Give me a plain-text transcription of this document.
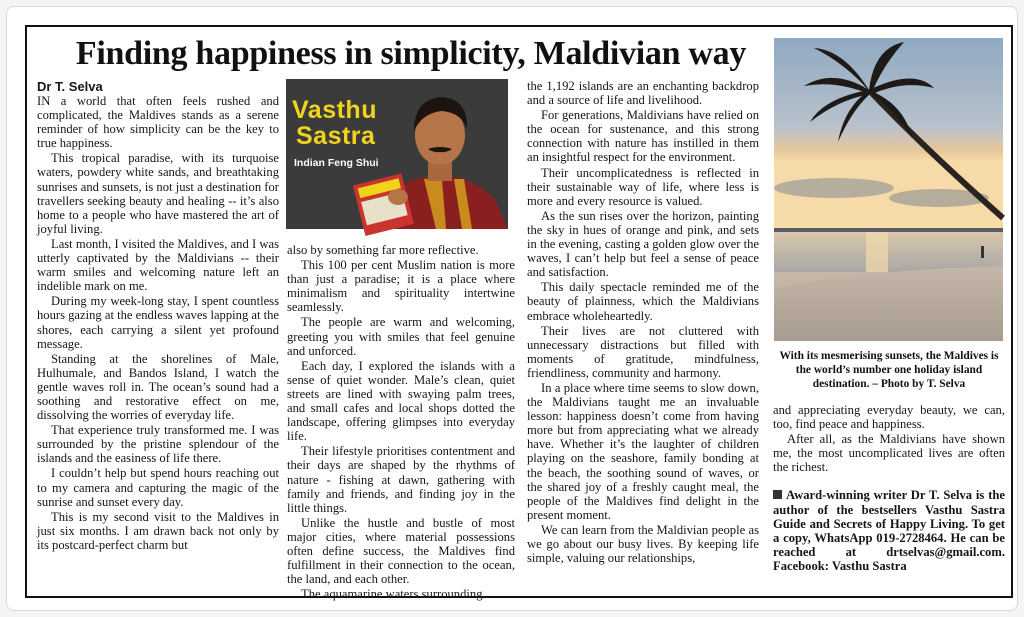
Finding happiness in simplicity, Maldivian way
Dr T. Selva

IN a world that often feels rushed and complicated, the Maldives stands as a serene reminder of how simplicity can be the key to true happiness.

This tropical paradise, with its turquoise waters, powdery white sands, and breathtaking sunrises and sunsets, is not just a destination for travellers seeking beauty and healing -- it’s also home to a people who have mastered the art of joyful living.

Last month, I visited the Maldives, and I was utterly captivated by the Maldivians -- their warm smiles and welcoming nature left an indelible mark on me.

During my week-long stay, I spent countless hours gazing at the endless waves lapping at the shores, each carrying a silent yet profound message.

Standing at the shorelines of Male, Hulhumale, and Bandos Island, I watch the gentle waves roll in. The ocean’s sound had a soothing and restorative effect on me, dissolving the worries of everyday life.

That experience truly transformed me. I was surrounded by the pristine splendour of the islands and the easiness of life there.

I couldn’t help but spend hours reaching out to my camera and capturing the magic of the sunrise and sunset every day.

This is my second visit to the Maldives in just six months. I am drawn back not only by its postcard-perfect charm but

Vasthu
Sastra
Indian Feng Shui

also by something far more reflective.

This 100 per cent Muslim nation is more than just a paradise; it is a place where minimalism and spirituality intertwine seamlessly.

The people are warm and welcoming, greeting you with smiles that feel genuine and unforced.

Each day, I explored the islands with a sense of quiet wonder. Male’s clean, quiet streets are lined with swaying palm trees, and small cafes and local shops dotted the landscape, offering glimpses into everyday life.

Their lifestyle prioritises contentment and their days are shaped by the rhythms of nature - fishing at dawn, gathering with family and friends, and finding joy in the little things.

Unlike the hustle and bustle of most major cities, where material possessions often define success, the Maldives find fulfillment in their connection to the ocean, the land, and each other.

The aquamarine waters surrounding

the 1,192 islands are an enchanting backdrop and a source of life and livelihood.

For generations, Maldivians have relied on the ocean for sustenance, and this strong connection with nature has instilled in them an insightful respect for the environment.

Their uncomplicatedness is reflected in their sustainable way of life, where less is more and every resource is valued.

As the sun rises over the horizon, painting the sky in hues of orange and pink, and sets in the evening, casting a golden glow over the waves, I can’t help but feel a sense of peace and satisfaction.

This daily spectacle reminded me of the beauty of plainness, which the Maldivians embrace wholeheartedly.

Their lives are not cluttered with unnecessary distractions but filled with moments of gratitude, mindfulness, friendliness, community and harmony.

In a place where time seems to slow down, the Maldivians taught me an invaluable lesson: happiness doesn’t come from having more but from appreciating what we already have. Whether it’s the laughter of children playing on the seashore, family bonding at the beach, the soothing sound of waves, or the shared joy of a freshly caught meal, the people of the Maldives find delight in the present moment.

We can learn from the Maldivian people as we go about our busy lives. By keeping life simple, valuing our relationships,

With its mesmerising sunsets, the Maldives is the world’s number one holiday island destination. – Photo by T. Selva

and appreciating everyday beauty, we can, too, find peace and happiness.

After all, as the Maldivians have shown me, the most uncomplicated lives are often the richest.

Award-winning writer Dr T. Selva is the author of the bestsellers Vasthu Sastra Guide and Secrets of Happy Living. To get a copy, WhatsApp 019-2728464. He can be reached at drtselvas@gmail.com. Facebook: Vasthu Sastra
